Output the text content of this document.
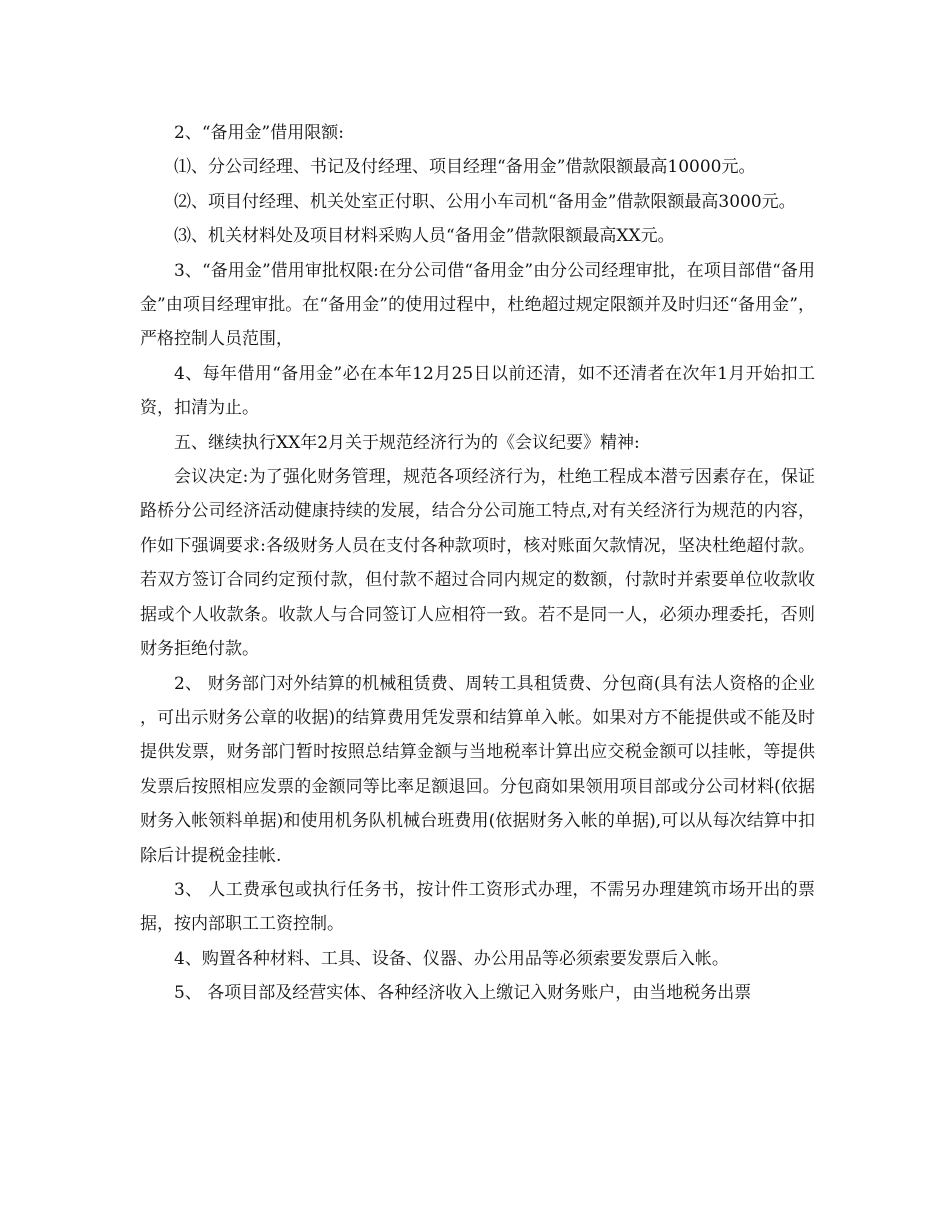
2、“备用金”借用限额:

⑴、分公司经理、书记及付经理、项目经理“备用金”借款限额最高10000元。

⑵、项目付经理、机关处室正付职、公用小车司机“备用金”借款限额最高3000元。

⑶、机关材料处及项目材料采购人员“备用金”借款限额最高XX元。

3、“备用金”借用审批权限:在分公司借“备用金”由分公司经理审批，在项目部借“备用金”由项目经理审批。在“备用金”的使用过程中，杜绝超过规定限额并及时归还“备用金”，严格控制人员范围，

4、每年借用“备用金”必在本年12月25日以前还清，如不还清者在次年1月开始扣工资，扣清为止。

五、继续执行XX年2月关于规范经济行为的《会议纪要》精神:

会议决定:为了强化财务管理，规范各项经济行为，杜绝工程成本潜亏因素存在，保证路桥分公司经济活动健康持续的发展，结合分公司施工特点,对有关经济行为规范的内容，作如下强调要求:各级财务人员在支付各种款项时，核对账面欠款情况，坚决杜绝超付款。若双方签订合同约定预付款，但付款不超过合同内规定的数额，付款时并索要单位收款收据或个人收款条。收款人与合同签订人应相符一致。若不是同一人，必须办理委托，否则财务拒绝付款。

2、 财务部门对外结算的机械租赁费、周转工具租赁费、分包商(具有法人资格的企业，可出示财务公章的收据)的结算费用凭发票和结算单入帐。如果对方不能提供或不能及时提供发票，财务部门暂时按照总结算金额与当地税率计算出应交税金额可以挂帐，等提供发票后按照相应发票的金额同等比率足额退回。分包商如果领用项目部或分公司材料(依据财务入帐领料单据)和使用机务队机械台班费用(依据财务入帐的单据),可以从每次结算中扣除后计提税金挂帐.

3、 人工费承包或执行任务书，按计件工资形式办理，不需另办理建筑市场开出的票据，按内部职工工资控制。

4、购置各种材料、工具、设备、仪器、办公用品等必须索要发票后入帐。

5、 各项目部及经营实体、各种经济收入上缴记入财务账户，由当地税务出票
